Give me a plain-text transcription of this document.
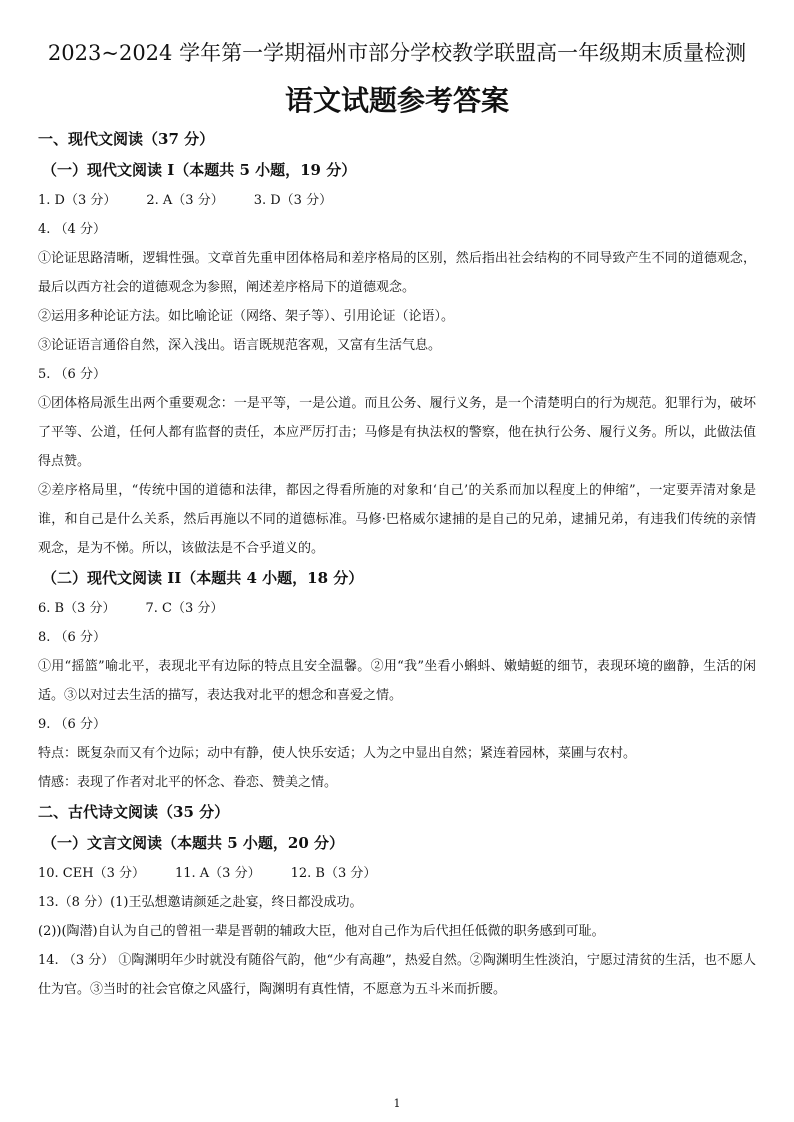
2023~2024 学年第一学期福州市部分学校教学联盟高一年级期末质量检测
语文试题参考答案

一、现代文阅读（37 分）

（一）现代文阅读 I（本题共 5 小题，19 分）

1. D（3 分） 2. A（3 分） 3. D（3 分）

4. （4 分）

①论证思路清晰，逻辑性强。文章首先重申团体格局和差序格局的区别，然后指出社会结构的不同导致产生不同的道德观念，最后以西方社会的道德观念为参照，阐述差序格局下的道德观念。

②运用多种论证方法。如比喻论证（网络、架子等）、引用论证（论语）。

③论证语言通俗自然，深入浅出。语言既规范客观，又富有生活气息。

5. （6 分）

①团体格局派生出两个重要观念：一是平等，一是公道。而且公务、履行义务，是一个清楚明白的行为规范。犯罪行为，破坏了平等、公道，任何人都有监督的责任，本应严厉打击；马修是有执法权的警察，他在执行公务、履行义务。所以，此做法值得点赞。

②差序格局里，“传统中国的道德和法律，都因之得看所施的对象和‘自己’的关系而加以程度上的伸缩”，一定要弄清对象是谁，和自己是什么关系，然后再施以不同的道德标准。马修·巴格威尔逮捕的是自己的兄弟，逮捕兄弟，有违我们传统的亲情观念，是为不悌。所以，该做法是不合乎道义的。

（二）现代文阅读 II（本题共 4 小题，18 分）

6. B（3 分） 7. C（3 分）

8. （6 分）

①用“摇篮”喻北平，表现北平有边际的特点且安全温馨。②用“我”坐看小蝌蚪、嫩蜻蜓的细节，表现环境的幽静，生活的闲适。③以对过去生活的描写，表达我对北平的想念和喜爱之情。

9. （6 分）

特点：既复杂而又有个边际；动中有静，使人快乐安适；人为之中显出自然；紧连着园林，菜圃与农村。

情感：表现了作者对北平的怀念、眷恋、赞美之情。

二、古代诗文阅读（35 分）

（一）文言文阅读（本题共 5 小题，20 分）

10. CEH（3 分） 11. A（3 分） 12. B（3 分）

13.（8 分）(1)王弘想邀请颜延之赴宴，终日都没成功。

(2))(陶潜)自认为自己的曾祖一辈是晋朝的辅政大臣，他对自己作为后代担任低微的职务感到可耻。

14. （3 分） ①陶渊明年少时就没有随俗气韵，他“少有高趣”，热爱自然。②陶渊明生性淡泊，宁愿过清贫的生活，也不愿人仕为官。③当时的社会官僚之风盛行，陶渊明有真性情，不愿意为五斗米而折腰。

1
